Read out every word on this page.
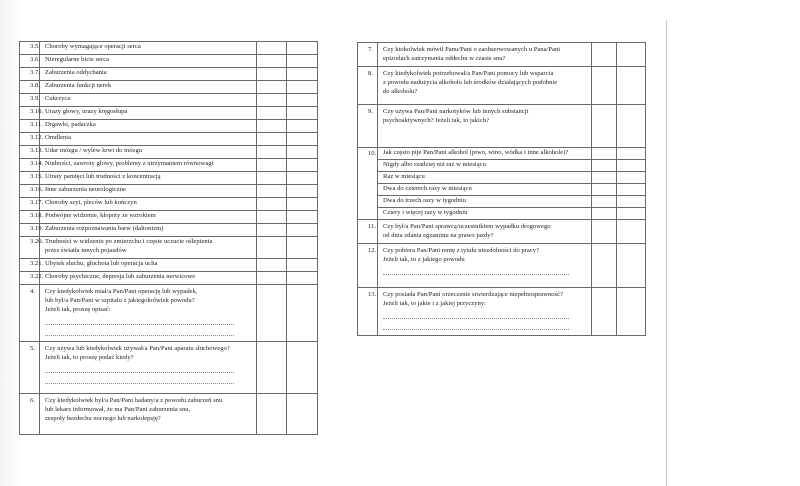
3.5.	Choroby wymagające operacji serca		
3.6.	Nieregularne bicie serca		
3.7.	Zaburzenia oddychania		
3.8.	Zaburzenia funkcji nerek		
3.9.	Cukrzyca		
3.10.	Urazy głowy, urazy kręgosłupa		
3.11.	Drgawki, padaczka		
3.12.	Omdlenia		
3.13.	Udar mózgu / wylew krwi do mózgu		
3.14.	Nudności, zawroty głowy, problemy z utrzymaniem równowagi		
3.15.	Utraty pamięci lub trudności z koncentracją		
3.16.	Inne zaburzenia neurologiczne		
3.17.	Choroby szyi, pleców lub kończyn		
3.18.	Podwójne widzenie, kłopoty ze wzrokiem		
3.19.	Zaburzenia rozpoznawania barw (daltonizm)		
3.20.	Trudności w widzeniu po zmierzchu i częste uczucie oślepienia
przez światła innych pojazdów		

3.21.	Ubytek słuchu, głuchota lub operacja ucha		
3.22.	Choroby psychiczne, depresja lub zaburzenia nerwicowe		
4.	Czy kiedykolwiek miał/a Pan/Pani operację lub wypadek,
lub był/a Pan/Pani w szpitalu z jakiegokolwiek powodu?
Jeżeli tak, proszę opisać:		

5.	Czy używa lub kiedykolwiek używał/a Pan/Pani aparatu słuchowego?
Jeżeli tak, to proszę podać kiedy?		

6.	Czy kiedykolwiek był/a Pan/Pani badany/a z powodu zaburzeń snu
lub lekarz informował, że ma Pan/Pani zaburzenia snu,
zespoły bezdechu nocnego lub narkolepsję?		

7.	Czy ktokolwiek mówił Panu/Pani o zaobserwowanych u Pana/Pani
epizodach zatrzymania oddechu w czasie snu?		

8.	Czy kiedykolwiek potrzebował/a Pan/Pani pomocy lub wsparcia
z powodu nadużycia alkoholu lub środków działających podobnie
do alkoholu?		

9.	Czy używa Pan/Pani narkotyków lub innych substancji
psychoaktywnych? Jeżeli tak, to jakich?		

10.	Jak często pije Pan/Pani alkohol (piwo, wino, wódka i inne alkohole)?		
	Nigdy albo rzadziej niż raz w miesiącu		
	Raz w miesiącu		
	Dwa do czterech razy w miesiącu		
	Dwa do trzech razy w tygodniu		
	Cztery i więcej razy w tygodniu		
11.	Czy był/a Pan/Pani sprawcą/uczestnikiem wypadku drogowego
od dnia zdania egzaminu na prawo jazdy?		

12.	Czy pobiera Pan/Pani rentę z tytułu niezdolności do pracy?
Jeżeli tak, to z jakiego powodu		

13.	Czy posiada Pan/Pani orzeczenie stwierdzające niepełnosprawność?
Jeżeli tak, to jakie i z jakiej przyczyny:		
